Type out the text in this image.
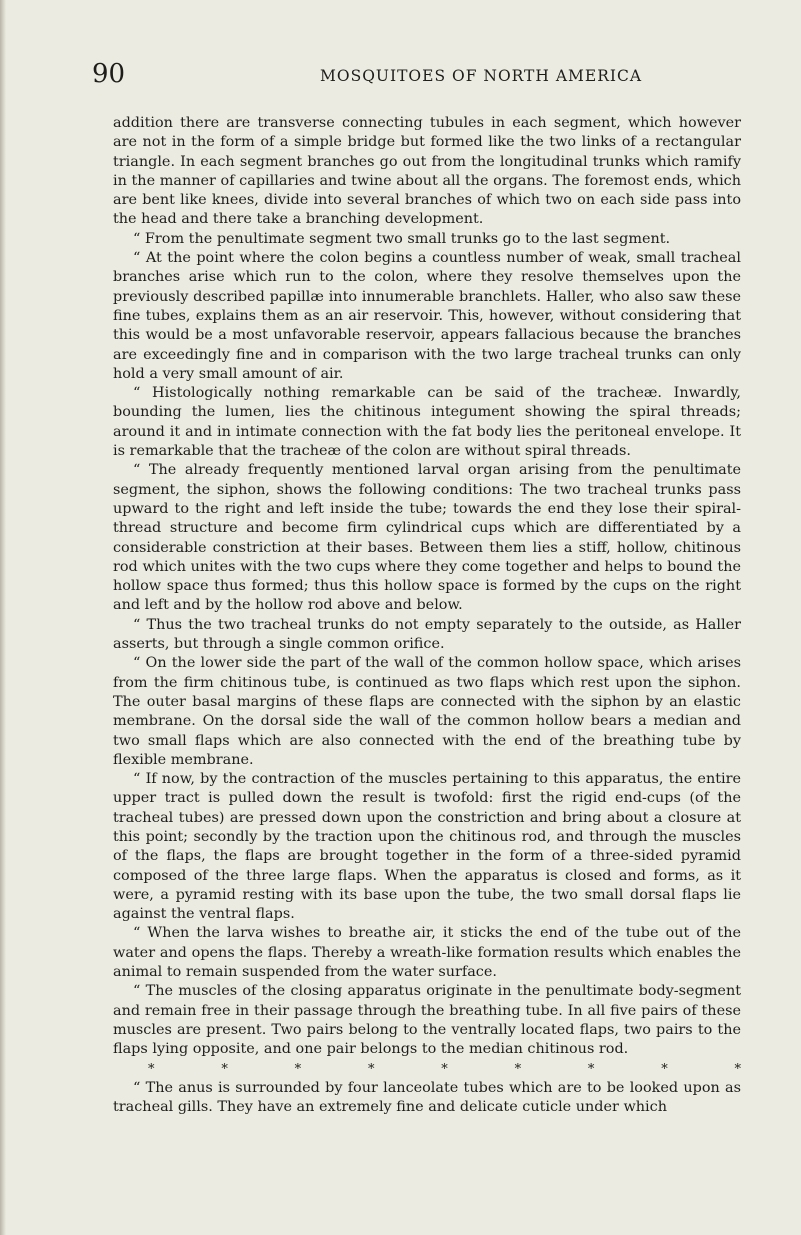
90	MOSQUITOES OF NORTH AMERICA

addition there are transverse connecting tubules in each segment, which however are not in the form of a simple bridge but formed like the two links of a rectangular triangle. In each segment branches go out from the longitudinal trunks which ramify in the manner of capillaries and twine about all the organs. The foremost ends, which are bent like knees, divide into several branches of which two on each side pass into the head and there take a branching development.

“ From the penultimate segment two small trunks go to the last segment.

“ At the point where the colon begins a countless number of weak, small tracheal branches arise which run to the colon, where they resolve themselves upon the previously described papillæ into innumerable branchlets. Haller, who also saw these fine tubes, explains them as an air reservoir. This, however, without considering that this would be a most unfavorable reservoir, appears fallacious because the branches are exceedingly fine and in comparison with the two large tracheal trunks can only hold a very small amount of air.

“ Histologically nothing remarkable can be said of the tracheæ. Inwardly, bounding the lumen, lies the chitinous integument showing the spiral threads; around it and in intimate connection with the fat body lies the peritoneal envelope. It is remarkable that the tracheæ of the colon are without spiral threads.

“ The already frequently mentioned larval organ arising from the penultimate segment, the siphon, shows the following conditions: The two tracheal trunks pass upward to the right and left inside the tube; towards the end they lose their spiral-thread structure and become firm cylindrical cups which are differentiated by a considerable constriction at their bases. Between them lies a stiff, hollow, chitinous rod which unites with the two cups where they come together and helps to bound the hollow space thus formed; thus this hollow space is formed by the cups on the right and left and by the hollow rod above and below.

“ Thus the two tracheal trunks do not empty separately to the outside, as Haller asserts, but through a single common orifice.

“ On the lower side the part of the wall of the common hollow space, which arises from the firm chitinous tube, is continued as two flaps which rest upon the siphon. The outer basal margins of these flaps are connected with the siphon by an elastic membrane. On the dorsal side the wall of the common hollow bears a median and two small flaps which are also connected with the end of the breathing tube by flexible membrane.

“ If now, by the contraction of the muscles pertaining to this apparatus, the entire upper tract is pulled down the result is twofold: first the rigid end-cups (of the tracheal tubes) are pressed down upon the constriction and bring about a closure at this point; secondly by the traction upon the chitinous rod, and through the muscles of the flaps, the flaps are brought together in the form of a three-sided pyramid composed of the three large flaps. When the apparatus is closed and forms, as it were, a pyramid resting with its base upon the tube, the two small dorsal flaps lie against the ventral flaps.

“ When the larva wishes to breathe air, it sticks the end of the tube out of the water and opens the flaps. Thereby a wreath-like formation results which enables the animal to remain suspended from the water surface.

“ The muscles of the closing apparatus originate in the penultimate body-segment and remain free in their passage through the breathing tube. In all five pairs of these muscles are present. Two pairs belong to the ventrally located flaps, two pairs to the flaps lying opposite, and one pair belongs to the median chitinous rod.

*	*	*	*	*	*	*	*	*

“ The anus is surrounded by four lanceolate tubes which are to be looked upon as tracheal gills. They have an extremely fine and delicate cuticle under which
